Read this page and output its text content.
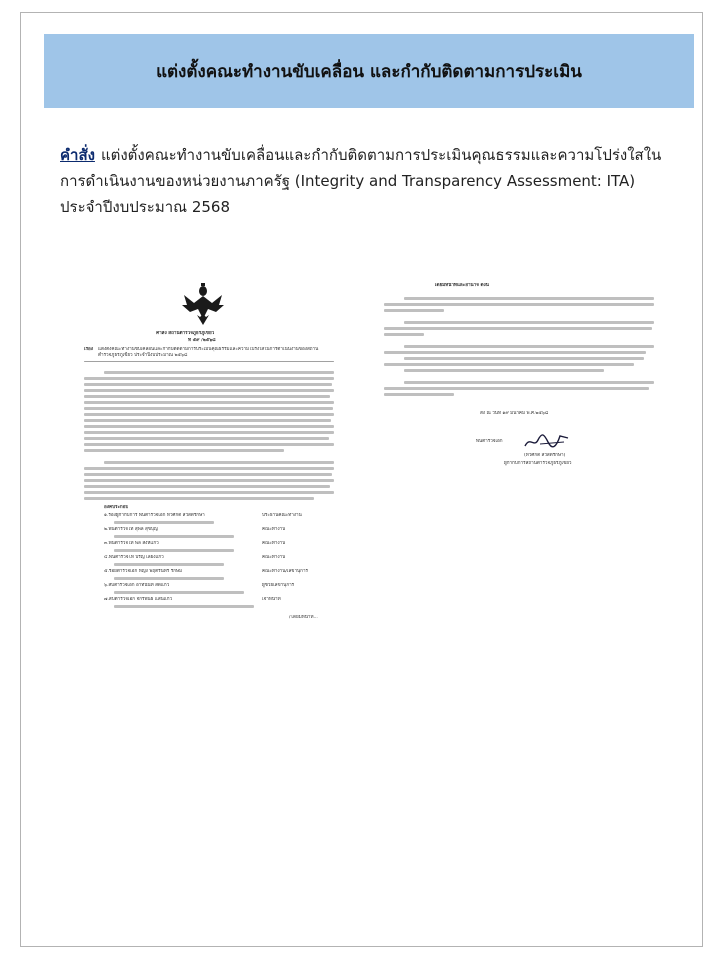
แต่งตั้งคณะทำงานขับเคลื่อน และกำกับติดตามการประเมิน
คำสั่ง แต่งตั้งคณะทำงานขับเคลื่อนและกำกับติดตามการประเมินคุณธรรมและความโปร่งใสในการดำเนินงานของหน่วยงานภาครัฐ (Integrity and Transparency Assessment: ITA) ประจำปีงบประมาณ 2568
คำสั่ง สถานีตำรวจภูธรภูเขียว
ที่ ๕๙ /๒๕๖๘
เรื่อง แต่งตั้งคณะทำงานขับเคลื่อนและกำกับติดตามการประเมินคุณธรรมและความโปร่งใสในการดำเนินงานของสถานีตำรวจภูธรภูเขียว ประจำปีงบประมาณ ๒๕๖๘
องค์ประกอบ
๑.รองผู้กำกับการ พันตำรวจเอก ทวีศักดิ์ สวัสดิ์รักษา	ประธานคณะทำงาน
๒.พันตำรวจโท สุพล สุขบุญ	คณะทำงาน
๓.พันตำรวจโท พล สิงห์แก้ว	คณะทำงาน
๔.พันตำรวจโท ปริญ เลี้ยงแก้ว	คณะทำงาน
๕.ร้อยตำรวจเอก หญิง พฤติรินทร์ รักษม	คณะทำงาน/เลขานุการ
๖.สิบตำรวจเอก อาทินันท์ สดแก้ว	ผู้ช่วยเลขานุการ
๗.สิบตำรวจเอก จักรพันธ์ แสนแก้ว	เจ้าหน้าที่
/โดยมีหน้าที่...
โดยมีหน้าที่และอำนาจ ดังนี้
สั่ง ณ วันที่ ๑๙ มีนาคม พ.ศ.๒๕๖๘
พันตำรวจเอก
(ทวีศักดิ์ สวัสดิ์รักษา)
ผู้กำกับการสถานีตำรวจภูธรภูเขียว
